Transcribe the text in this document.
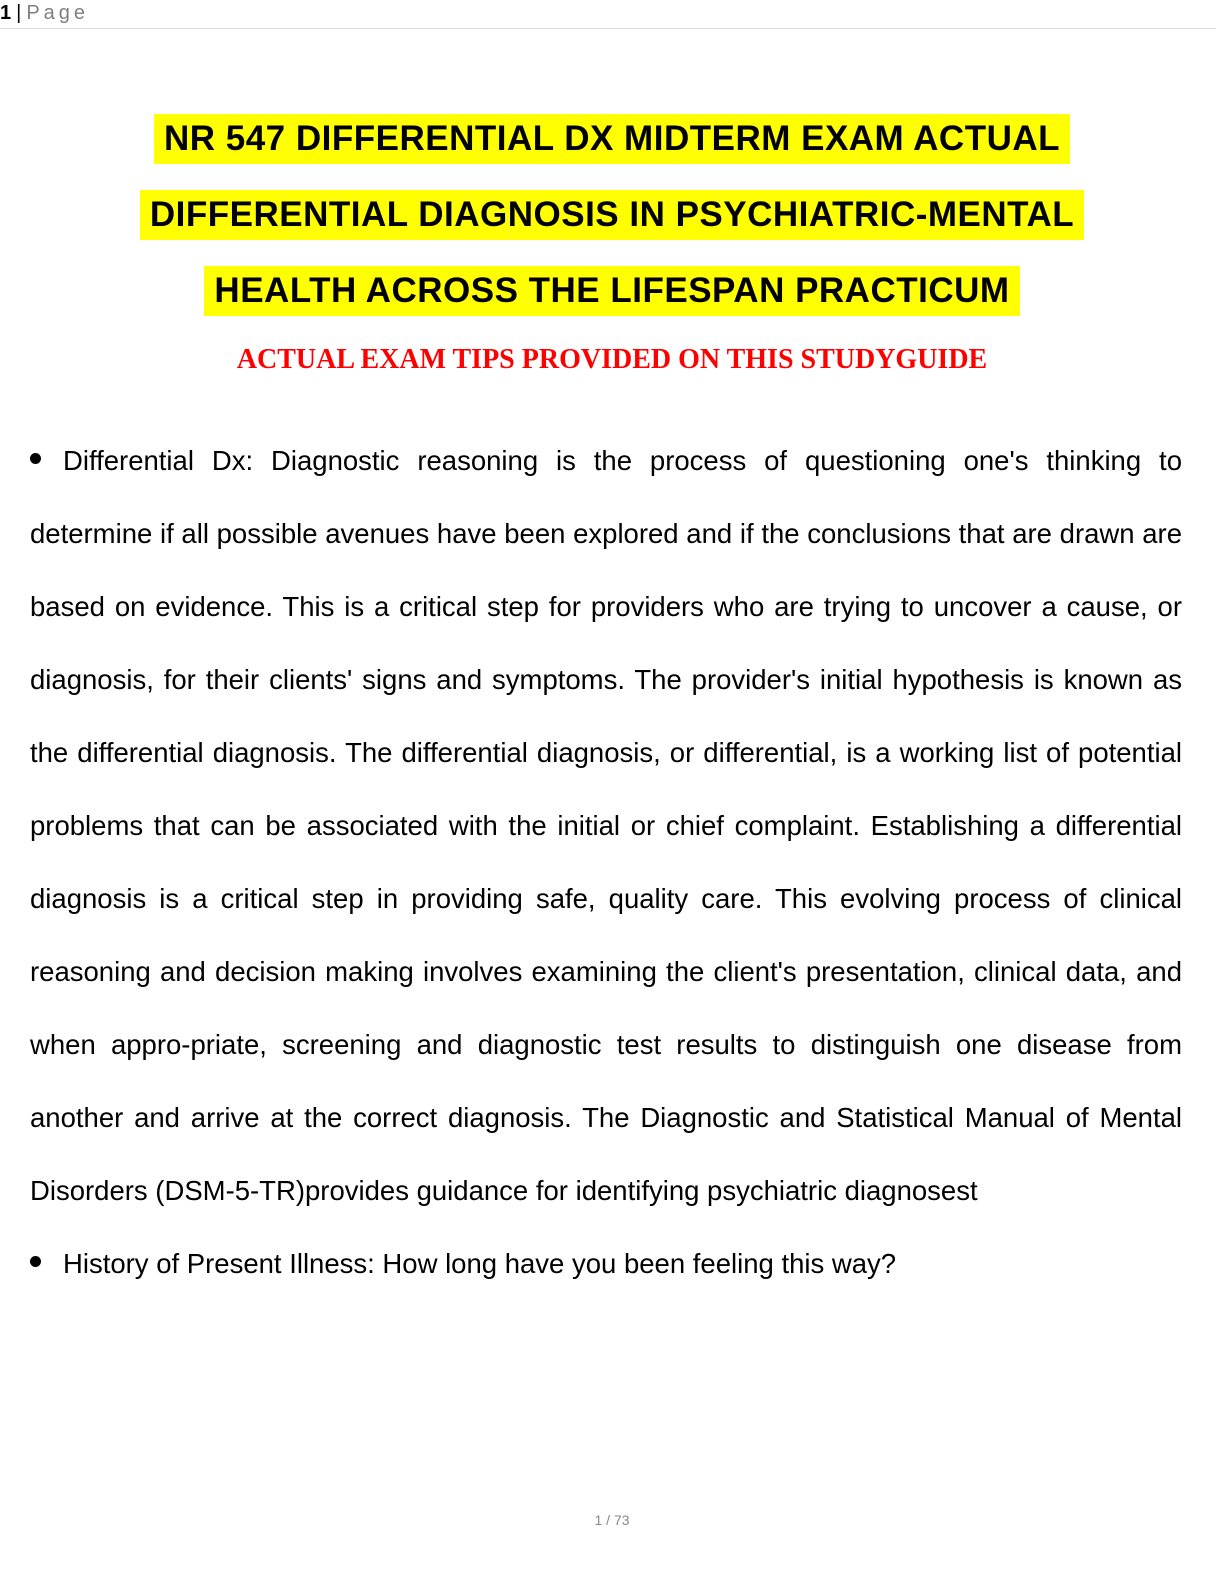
1 | Page
NR 547 DIFFERENTIAL DX MIDTERM EXAM ACTUAL
DIFFERENTIAL DIAGNOSIS IN PSYCHIATRIC-MENTAL
HEALTH ACROSS THE LIFESPAN PRACTICUM
ACTUAL EXAM TIPS PROVIDED ON THIS STUDYGUIDE

Differential Dx: Diagnostic reasoning is the process of questioning one's thinking to determine if all possible avenues have been explored and if the conclusions that are drawn are based on evidence. This is a critical step for providers who are trying to uncover a cause, or diagnosis, for their clients' signs and symptoms. The provider's initial hypothesis is known as the differential diagnosis. The differential diagnosis, or differential, is a working list of potential problems that can be associated with the initial or chief complaint. Establishing a differential diagnosis is a critical step in providing safe, quality care. This evolving process of clinical reasoning and decision making involves examining the client's presentation, clinical data, and when appro-priate, screening and diagnostic test results to distinguish one disease from another and arrive at the correct diagnosis. The Diagnostic and Statistical Manual of Mental Disorders (DSM-5-TR)provides guidance for identifying psychiatric diagnosest

History of Present Illness: How long have you been feeling this way?

1 / 73
